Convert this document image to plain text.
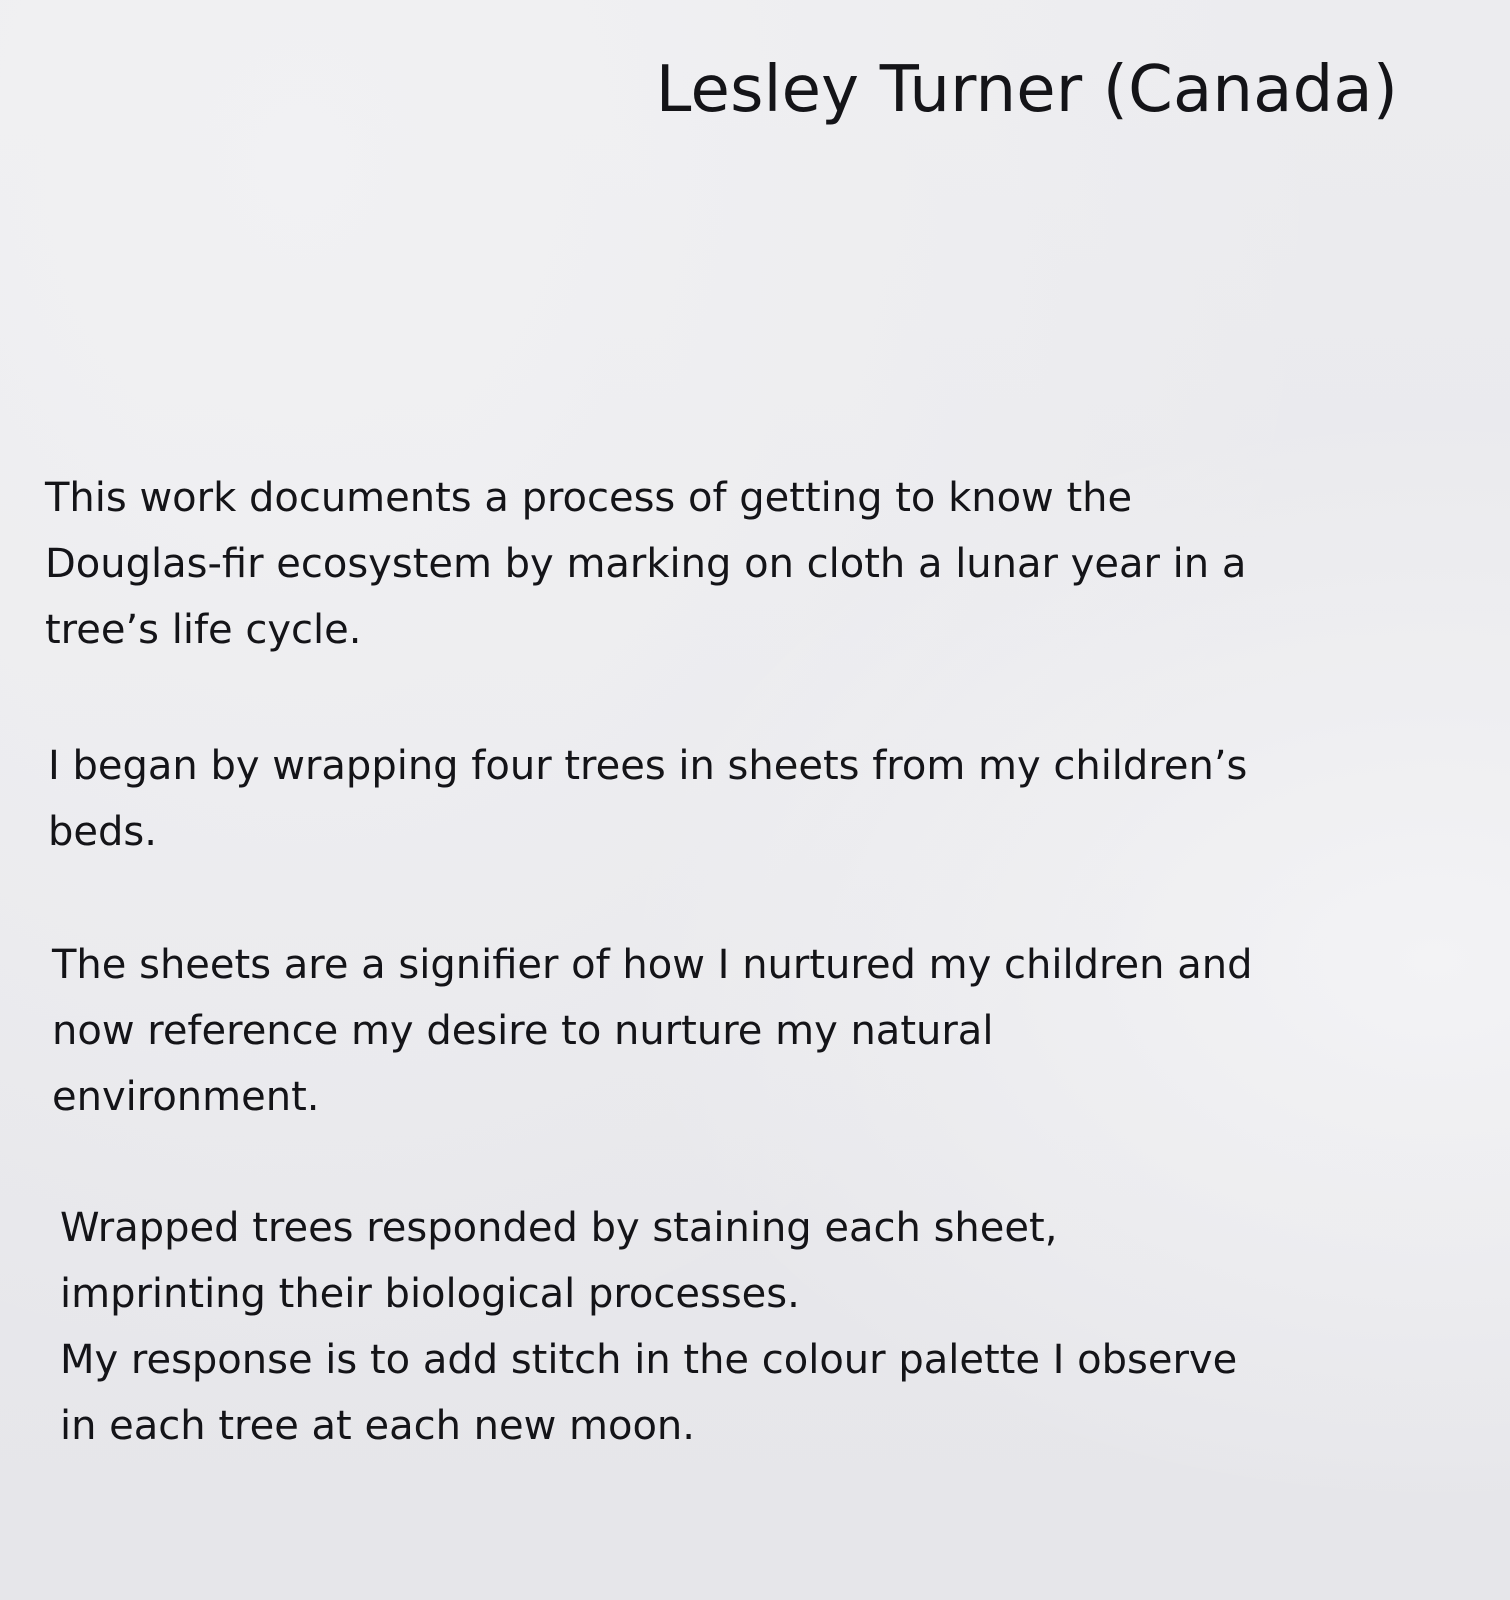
Lesley Turner (Canada)

This work documents a process of getting to know the
Douglas-fir ecosystem by marking on cloth a lunar year in a
tree’s life cycle.

I began by wrapping four trees in sheets from my children’s
beds.

The sheets are a signifier of how I nurtured my children and
now reference my desire to nurture my natural
environment.

Wrapped trees responded by staining each sheet,
imprinting their biological processes.
My response is to add stitch in the colour palette I observe
in each tree at each new moon.
